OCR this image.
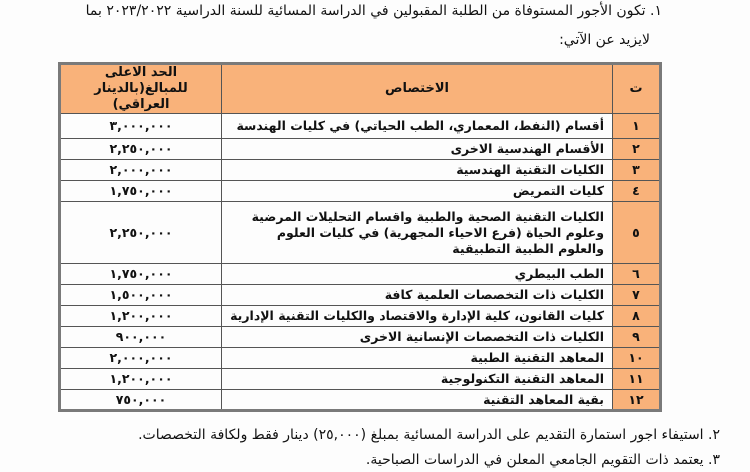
١. تكون الأجور المستوفاة من الطلبة المقبولين في الدراسة المسائية للسنة الدراسية ٢٠٢٣/٢٠٢٢ بما
لايزيد عن الآتي:
ت	الاختصاص	الحد الاعلى للمبالغ(بالدينار العراقي)
١	أقسام (النفط، المعماري، الطب الحياتي) في كليات الهندسة	٣,٠٠٠,٠٠٠
٢	الأقسام الهندسية الاخرى	٢,٢٥٠,٠٠٠
٣	الكليات التقنية الهندسية	٢,٠٠٠,٠٠٠
٤	كليات التمريض	١,٧٥٠,٠٠٠
٥	الكليات التقنية الصحية والطبية واقسام التحليلات المرضية وعلوم الحياة (فرع الاحياء المجهرية) في كليات العلوم والعلوم الطبية التطبيقية	٢,٢٥٠,٠٠٠
٦	الطب البيطري	١,٧٥٠,٠٠٠
٧	الكليات ذات التخصصات العلمية كافة	١,٥٠٠,٠٠٠
٨	كليات القانون، كلية الإدارة والاقتصاد والكليات التقنية الإدارية	١,٢٠٠,٠٠٠
٩	الكليات ذات التخصصات الإنسانية الاخرى	٩٠٠,٠٠٠
١٠	المعاهد التقنية الطبية	٢,٠٠٠,٠٠٠
١١	المعاهد التقنية التكنولوجية	١,٢٠٠,٠٠٠
١٢	بقية المعاهد التقنية	٧٥٠,٠٠٠
٢. استيفاء اجور استمارة التقديم على الدراسة المسائية بمبلغ (٢٥,٠٠٠) دينار فقط ولكافة التخصصات.
٣. يعتمد ذات التقويم الجامعي المعلن في الدراسات الصباحية.
